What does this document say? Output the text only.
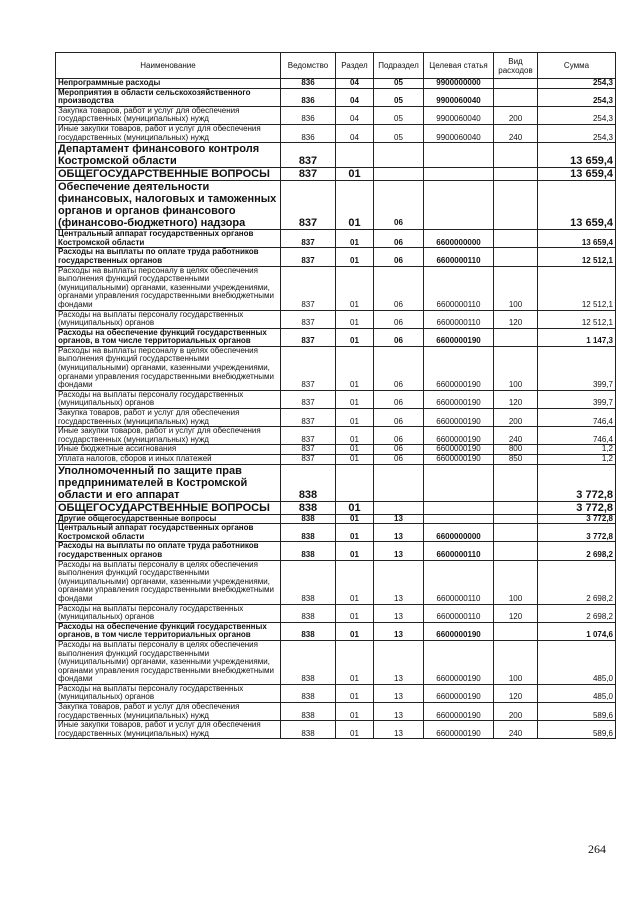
Наименование	Ведомство	Раздел	Подраздел	Целевая статья	Вид расходов	Сумма
Непрограммные расходы	836	04	05	9900000000		254,3
Мероприятия в области сельскохозяйственного производства	836	04	05	9900060040		254,3
Закупка товаров, работ и услуг для обеспечения государственных (муниципальных) нужд	836	04	05	9900060040	200	254,3
Иные закупки товаров, работ и услуг для обеспечения государственных (муниципальных) нужд	836	04	05	9900060040	240	254,3
Департамент финансового контроля Костромской области	837					13 659,4
ОБЩЕГОСУДАРСТВЕННЫЕ ВОПРОСЫ	837	01				13 659,4
Обеспечение деятельности финансовых, налоговых и таможенных органов и органов финансового (финансово-бюджетного) надзора	837	01	06			13 659,4
Центральный аппарат государственных органов Костромской области	837	01	06	6600000000		13 659,4
Расходы на выплаты по оплате труда работников государственных органов	837	01	06	6600000110		12 512,1
Расходы на выплаты персоналу в целях обеспечения выполнения функций государственными (муниципальными) органами, казенными учреждениями, органами управления государственными внебюджетными фондами	837	01	06	6600000110	100	12 512,1
Расходы на выплаты персоналу государственных (муниципальных) органов	837	01	06	6600000110	120	12 512,1
Расходы на обеспечение функций государственных органов, в том числе территориальных органов	837	01	06	6600000190		1 147,3
Расходы на выплаты персоналу в целях обеспечения выполнения функций государственными (муниципальными) органами, казенными учреждениями, органами управления государственными внебюджетными фондами	837	01	06	6600000190	100	399,7
Расходы на выплаты персоналу государственных (муниципальных) органов	837	01	06	6600000190	120	399,7
Закупка товаров, работ и услуг для обеспечения государственных (муниципальных) нужд	837	01	06	6600000190	200	746,4
Иные закупки товаров, работ и услуг для обеспечения государственных (муниципальных) нужд	837	01	06	6600000190	240	746,4
Иные бюджетные ассигнования	837	01	06	6600000190	800	1,2
Уплата налогов, сборов и иных платежей	837	01	06	6600000190	850	1,2
Уполномоченный по защите прав предпринимателей в Костромской области и его аппарат	838					3 772,8
ОБЩЕГОСУДАРСТВЕННЫЕ ВОПРОСЫ	838	01				3 772,8
Другие общегосударственные вопросы	838	01	13			3 772,8
Центральный аппарат государственных органов Костромской области	838	01	13	6600000000		3 772,8
Расходы на выплаты по оплате труда работников государственных органов	838	01	13	6600000110		2 698,2
Расходы на выплаты персоналу в целях обеспечения выполнения функций государственными (муниципальными) органами, казенными учреждениями, органами управления государственными внебюджетными фондами	838	01	13	6600000110	100	2 698,2
Расходы на выплаты персоналу государственных (муниципальных) органов	838	01	13	6600000110	120	2 698,2
Расходы на обеспечение функций государственных органов, в том числе территориальных органов	838	01	13	6600000190		1 074,6
Расходы на выплаты персоналу в целях обеспечения выполнения функций государственными (муниципальными) органами, казенными учреждениями, органами управления государственными внебюджетными фондами	838	01	13	6600000190	100	485,0
Расходы на выплаты персоналу государственных (муниципальных) органов	838	01	13	6600000190	120	485,0
Закупка товаров, работ и услуг для обеспечения государственных (муниципальных) нужд	838	01	13	6600000190	200	589,6
Иные закупки товаров, работ и услуг для обеспечения государственных (муниципальных) нужд	838	01	13	6600000190	240	589,6
264
